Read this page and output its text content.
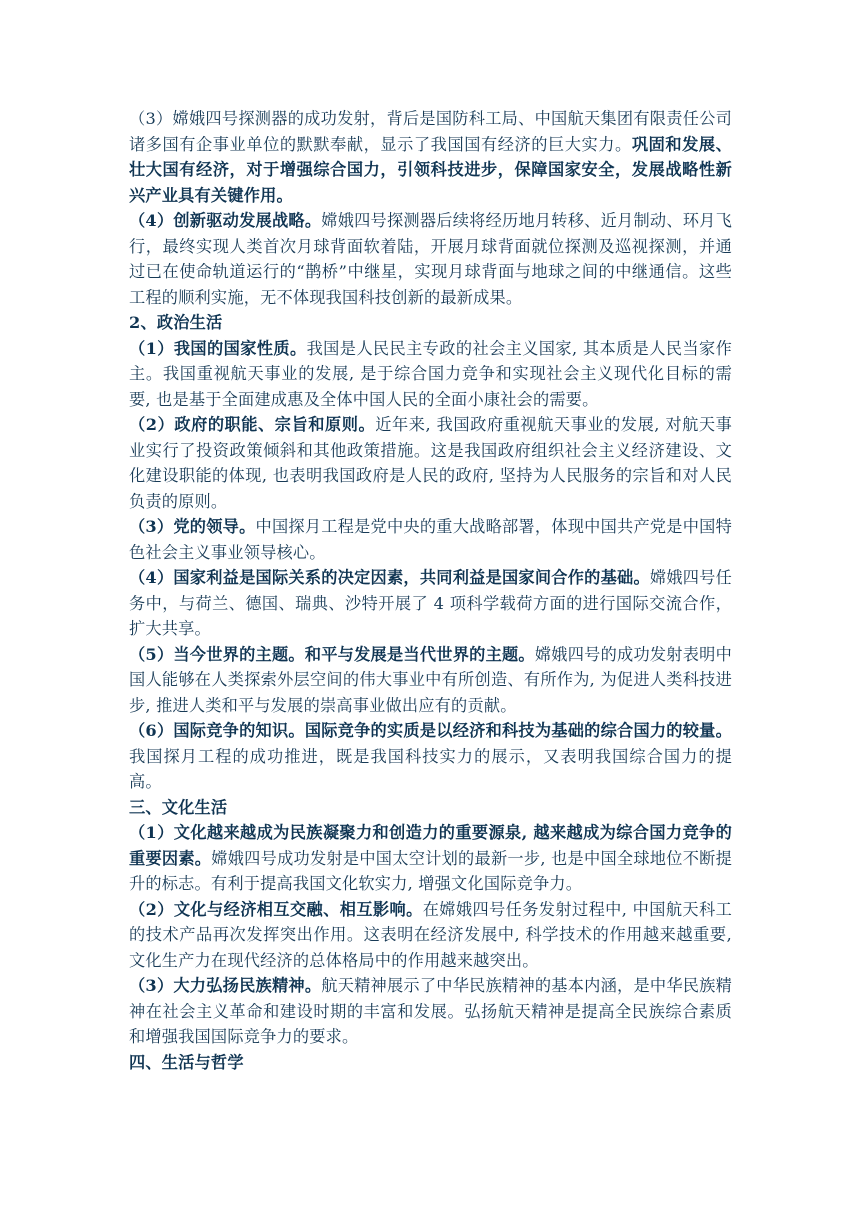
（3）嫦娥四号探测器的成功发射，背后是国防科工局、中国航天集团有限责任公司诸多国有企事业单位的默默奉献，显示了我国国有经济的巨大实力。巩固和发展、壮大国有经济，对于增强综合国力，引领科技进步，保障国家安全，发展战略性新兴产业具有关键作用。

（4）创新驱动发展战略。嫦娥四号探测器后续将经历地月转移、近月制动、环月飞行，最终实现人类首次月球背面软着陆，开展月球背面就位探测及巡视探测，并通过已在使命轨道运行的“鹊桥”中继星，实现月球背面与地球之间的中继通信。这些工程的顺利实施，无不体现我国科技创新的最新成果。

2、政治生活

（1）我国的国家性质。我国是人民民主专政的社会主义国家, 其本质是人民当家作主。我国重视航天事业的发展, 是于综合国力竞争和实现社会主义现代化目标的需要, 也是基于全面建成惠及全体中国人民的全面小康社会的需要。

（2）政府的职能、宗旨和原则。近年来, 我国政府重视航天事业的发展, 对航天事业实行了投资政策倾斜和其他政策措施。这是我国政府组织社会主义经济建设、文化建设职能的体现, 也表明我国政府是人民的政府, 坚持为人民服务的宗旨和对人民负责的原则。

（3）党的领导。中国探月工程是党中央的重大战略部署，体现中国共产党是中国特色社会主义事业领导核心。

（4）国家利益是国际关系的决定因素，共同利益是国家间合作的基础。嫦娥四号任务中，与荷兰、德国、瑞典、沙特开展了 4 项科学载荷方面的进行国际交流合作，扩大共享。

（5）当今世界的主题。和平与发展是当代世界的主题。嫦娥四号的成功发射表明中国人能够在人类探索外层空间的伟大事业中有所创造、有所作为, 为促进人类科技进步, 推进人类和平与发展的崇高事业做出应有的贡献。

（6）国际竞争的知识。国际竞争的实质是以经济和科技为基础的综合国力的较量。我国探月工程的成功推进，既是我国科技实力的展示，又表明我国综合国力的提高。

三、文化生活

（1）文化越来越成为民族凝聚力和创造力的重要源泉, 越来越成为综合国力竞争的重要因素。嫦娥四号成功发射是中国太空计划的最新一步, 也是中国全球地位不断提升的标志。有利于提高我国文化软实力, 增强文化国际竞争力。

（2）文化与经济相互交融、相互影响。在嫦娥四号任务发射过程中, 中国航天科工的技术产品再次发挥突出作用。这表明在经济发展中, 科学技术的作用越来越重要, 文化生产力在现代经济的总体格局中的作用越来越突出。

（3）大力弘扬民族精神。航天精神展示了中华民族精神的基本内涵，是中华民族精神在社会主义革命和建设时期的丰富和发展。弘扬航天精神是提高全民族综合素质和增强我国国际竞争力的要求。

四、生活与哲学
